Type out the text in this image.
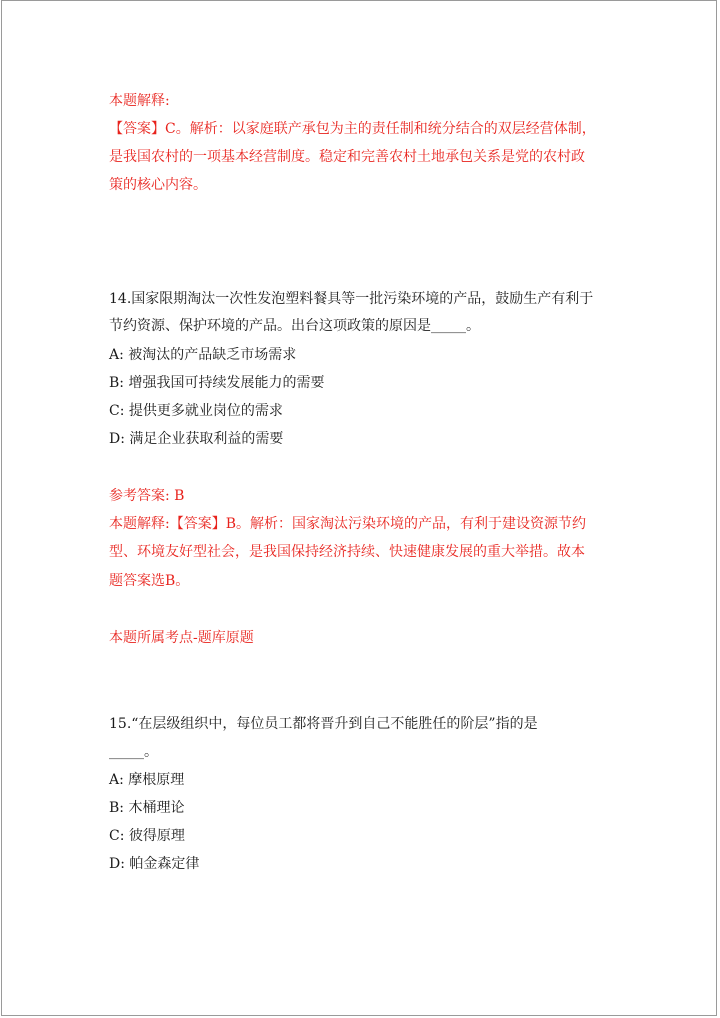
本题解释:
【答案】C。解析：以家庭联产承包为主的责任制和统分结合的双层经营体制，
是我国农村的一项基本经营制度。稳定和完善农村土地承包关系是党的农村政
策的核心内容。
14.国家限期淘汰一次性发泡塑料餐具等一批污染环境的产品，鼓励生产有利于
节约资源、保护环境的产品。出台这项政策的原因是_____。
A: 被淘汰的产品缺乏市场需求
B: 增强我国可持续发展能力的需要
C: 提供更多就业岗位的需求
D: 满足企业获取利益的需要
参考答案: B
本题解释:【答案】B。解析：国家淘汰污染环境的产品，有利于建设资源节约
型、环境友好型社会，是我国保持经济持续、快速健康发展的重大举措。故本
题答案选B。
本题所属考点-题库原题
15.“在层级组织中，每位员工都将晋升到自己不能胜任的阶层”指的是
_____。
A: 摩根原理
B: 木桶理论
C: 彼得原理
D: 帕金森定律
